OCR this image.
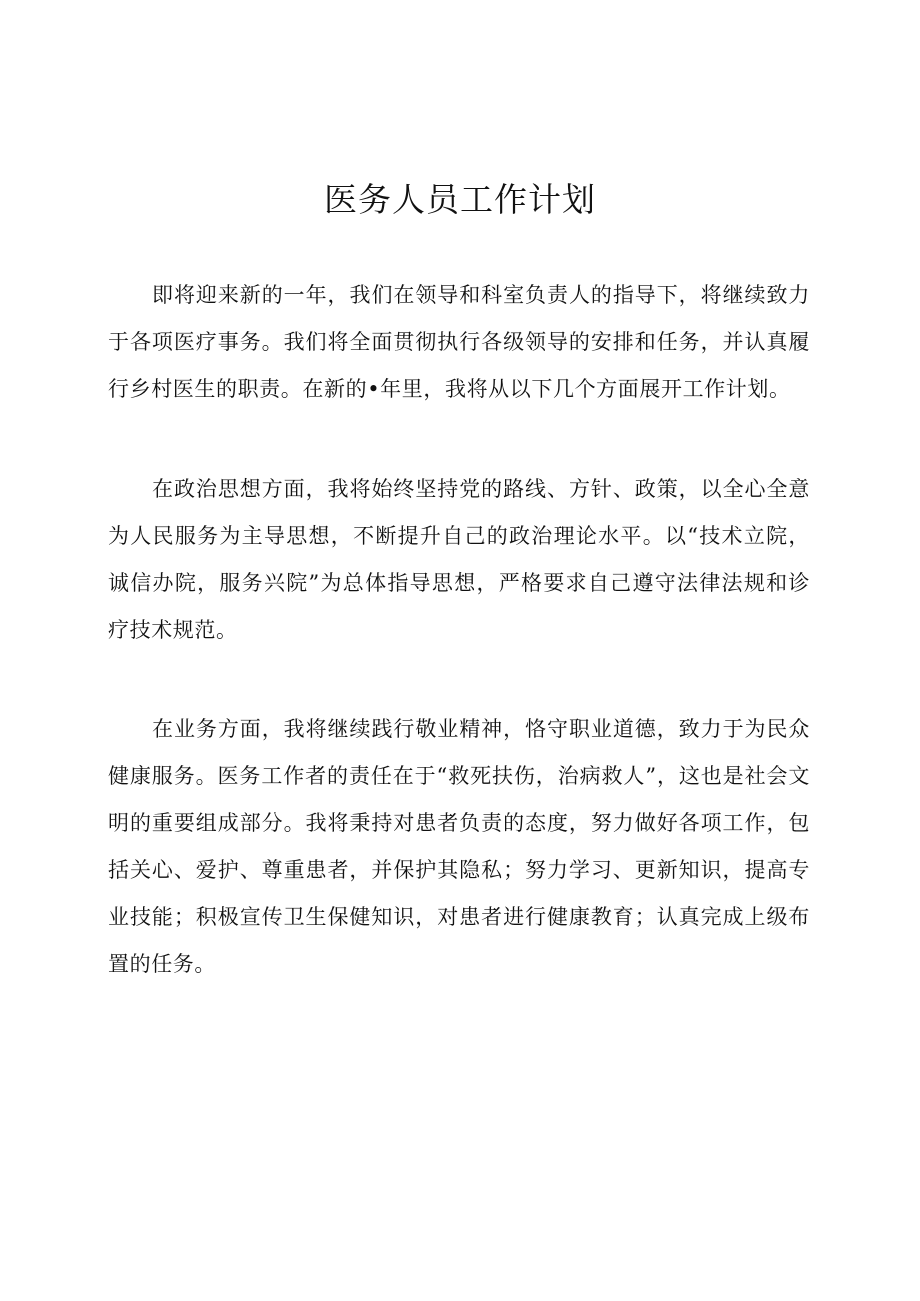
医务人员工作计划

即将迎来新的一年，我们在领导和科室负责人的指导下，将继续致力于各项医疗事务。我们将全面贯彻执行各级领导的安排和任务，并认真履行乡村医生的职责。在新的•年里，我将从以下几个方面展开工作计划。

在政治思想方面，我将始终坚持党的路线、方针、政策，以全心全意为人民服务为主导思想，不断提升自己的政治理论水平。以“技术立院，诚信办院，服务兴院”为总体指导思想，严格要求自己遵守法律法规和诊疗技术规范。

在业务方面，我将继续践行敬业精神，恪守职业道德，致力于为民众健康服务。医务工作者的责任在于“救死扶伤，治病救人”，这也是社会文明的重要组成部分。我将秉持对患者负责的态度，努力做好各项工作，包括关心、爱护、尊重患者，并保护其隐私；努力学习、更新知识，提高专业技能；积极宣传卫生保健知识，对患者进行健康教育；认真完成上级布置的任务。
